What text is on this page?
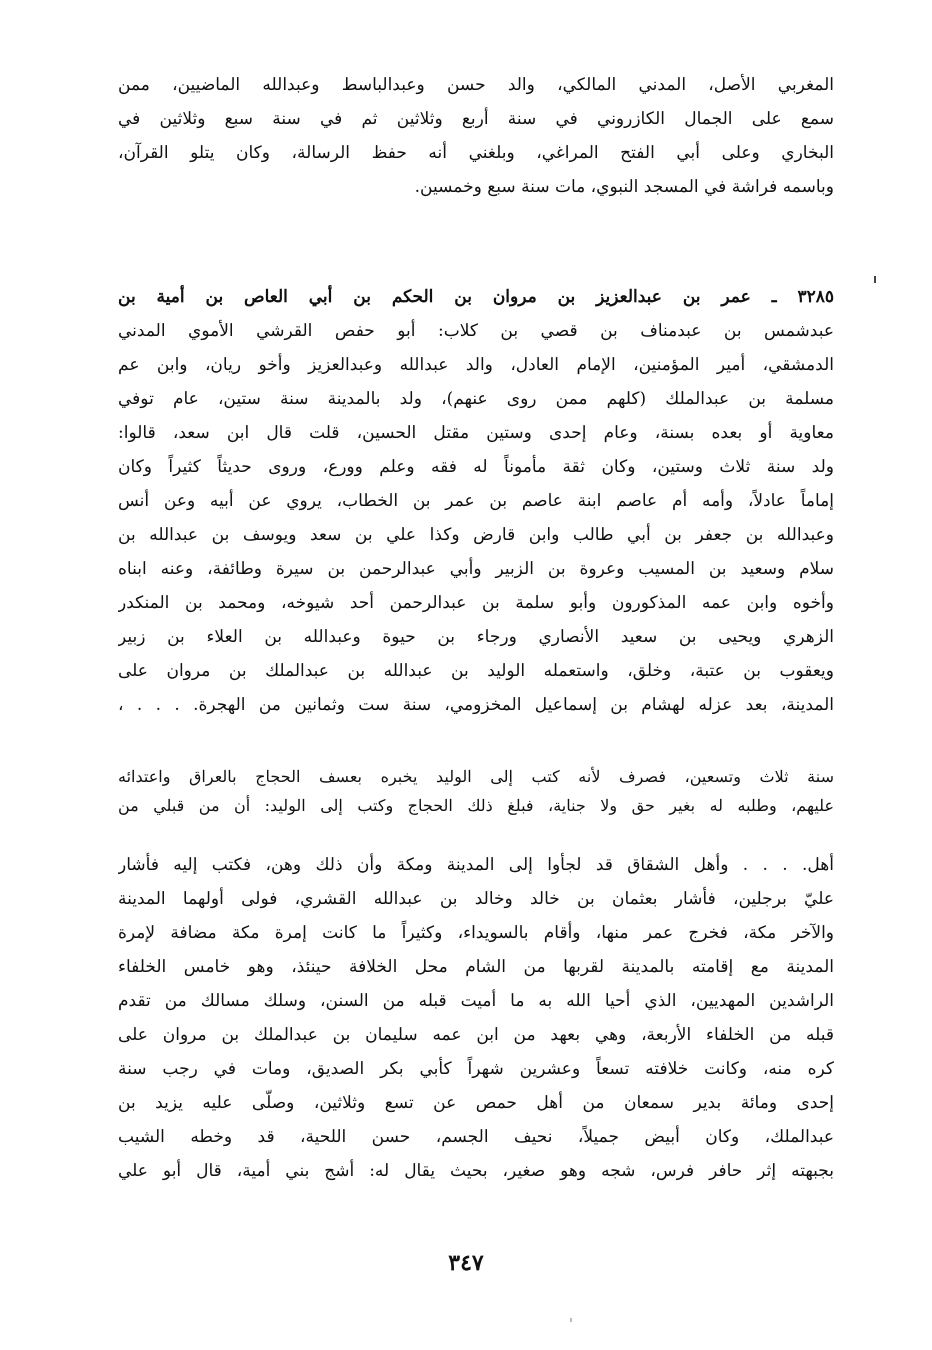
المغربي الأصل، المدني المالكي، والد حسن وعبدالباسط وعبدالله الماضيين، ممن
سمع على الجمال الكازروني في سنة أربع وثلاثين ثم في سنة سبع وثلاثين في
البخاري وعلى أبي الفتح المراغي، وبلغني أنه حفظ الرسالة، وكان يتلو القرآن،
وباسمه فراشة في المسجد النبوي، مات سنة سبع وخمسين.
٣٢٨٥ ـ عمر بن عبدالعزيز بن مروان بن الحكم بن أبي العاص بن أمية بن
عبدشمس بن عبدمناف بن قصي بن كلاب: أبو حفص القرشي الأموي المدني
الدمشقي، أمير المؤمنين، الإمام العادل، والد عبدالله وعبدالعزيز وأخو ريان، وابن عم
مسلمة بن عبدالملك (كلهم ممن روى عنهم)، ولد بالمدينة سنة ستين، عام توفي
معاوية أو بعده بسنة، وعام إحدى وستين مقتل الحسين، قلت قال ابن سعد، قالوا:
ولد سنة ثلاث وستين، وكان ثقة مأموناً له فقه وعلم وورع، وروى حديثاً كثيراً وكان
إماماً عادلاً، وأمه أم عاصم ابنة عاصم بن عمر بن الخطاب، يروي عن أبيه وعن أنس
وعبدالله بن جعفر بن أبي طالب وابن قارض وكذا علي بن سعد ويوسف بن عبدالله بن
سلام وسعيد بن المسيب وعروة بن الزبير وأبي عبدالرحمن بن سيرة وطائفة، وعنه ابناه
وأخوه وابن عمه المذكورون وأبو سلمة بن عبدالرحمن أحد شيوخه، ومحمد بن المنكدر
الزهري ويحيى بن سعيد الأنصاري ورجاء بن حيوة وعبدالله بن العلاء بن زبير
ويعقوب بن عتبة، وخلق، واستعمله الوليد بن عبدالله بن عبدالملك بن مروان على
المدينة، بعد عزله لهشام بن إسماعيل المخزومي، سنة ست وثمانين من الهجرة. . . . ،
سنة ثلاث وتسعين، فصرف لأنه كتب إلى الوليد يخبره بعسف الحجاج بالعراق واعتدائه
عليهم، وطلبه له بغير حق ولا جناية، فبلغ ذلك الحجاج وكتب إلى الوليد: أن من قبلي من
أهل. . . . وأهل الشقاق قد لجأوا إلى المدينة ومكة وأن ذلك وهن، فكتب إليه فأشار
عليّ برجلين، فأشار بعثمان بن خالد وخالد بن عبدالله القشري، فولى أولهما المدينة
والآخر مكة، فخرج عمر منها، وأقام بالسويداء، وكثيراً ما كانت إمرة مكة مضافة لإمرة
المدينة مع إقامته بالمدينة لقربها من الشام محل الخلافة حينئذ، وهو خامس الخلفاء
الراشدين المهديين، الذي أحيا الله به ما أميت قبله من السنن، وسلك مسالك من تقدم
قبله من الخلفاء الأربعة، وهي بعهد من ابن عمه سليمان بن عبدالملك بن مروان على
كره منه، وكانت خلافته تسعاً وعشرين شهراً كأبي بكر الصديق، ومات في رجب سنة
إحدى ومائة بدير سمعان من أهل حمص عن تسع وثلاثين، وصلّى عليه يزيد بن
عبدالملك، وكان أبيض جميلاً، نحيف الجسم، حسن اللحية، قد وخطه الشيب
بجبهته إثر حافر فرس، شجه وهو صغير، بحيث يقال له: أشج بني أمية، قال أبو علي
٣٤٧
